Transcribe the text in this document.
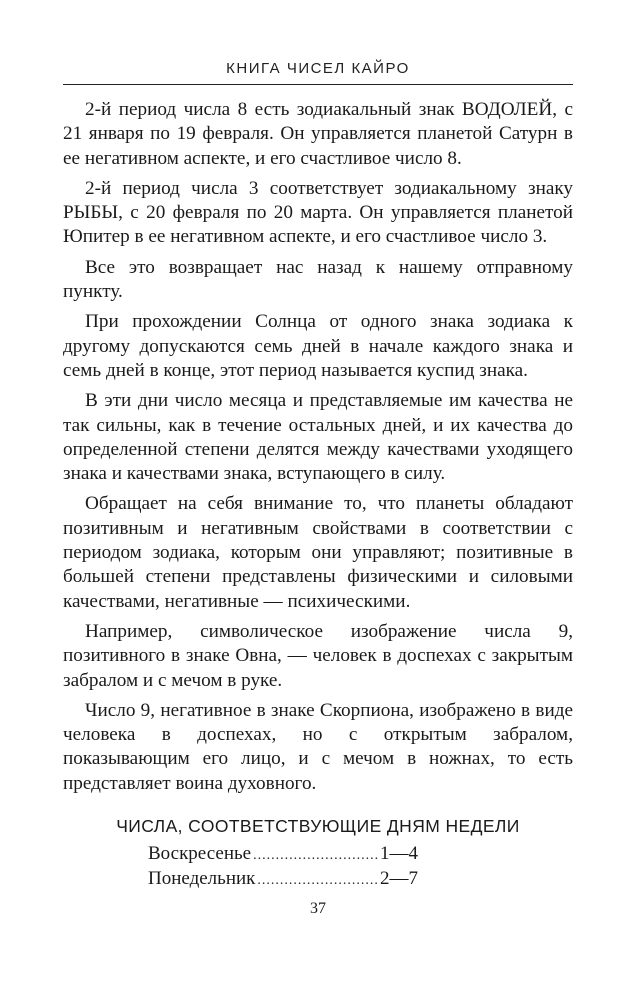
КНИГА ЧИСЕЛ КАЙРО

2-й период числа 8 есть зодиакальный знак ВОДОЛЕЙ, с 21 января по 19 февраля. Он управляется планетой Сатурн в ее негативном аспекте, и его счастливое число 8.

2-й период числа 3 соответствует зодиакальному знаку РЫБЫ, с 20 февраля по 20 марта. Он управляется планетой Юпитер в ее негативном аспекте, и его счастливое число 3.

Все это возвращает нас назад к нашему отправному пункту.

При прохождении Солнца от одного знака зодиака к другому допускаются семь дней в начале каждого знака и семь дней в конце, этот период называется куспид знака.

В эти дни число месяца и представляемые им качества не так сильны, как в течение остальных дней, и их качества до определенной степени делятся между качествами уходящего знака и качествами знака, вступающего в силу.

Обращает на себя внимание то, что планеты обладают позитивным и негативным свойствами в соответствии с периодом зодиака, которым они управляют; позитивные в большей степени представлены физическими и силовыми качествами, негативные — психическими.

Например, символическое изображение числа 9, позитивного в знаке Овна, — человек в доспехах с закрытым забралом и с мечом в руке.

Число 9, негативное в знаке Скорпиона, изображено в виде человека в доспехах, но с открытым забралом, показывающим его лицо, и с мечом в ножнах, то есть представляет воина духовного.

ЧИСЛА, СООТВЕТСТВУЮЩИЕ ДНЯМ НЕДЕЛИ
Воскресенье .....	1—4
Понедельник .....	2—7
37
